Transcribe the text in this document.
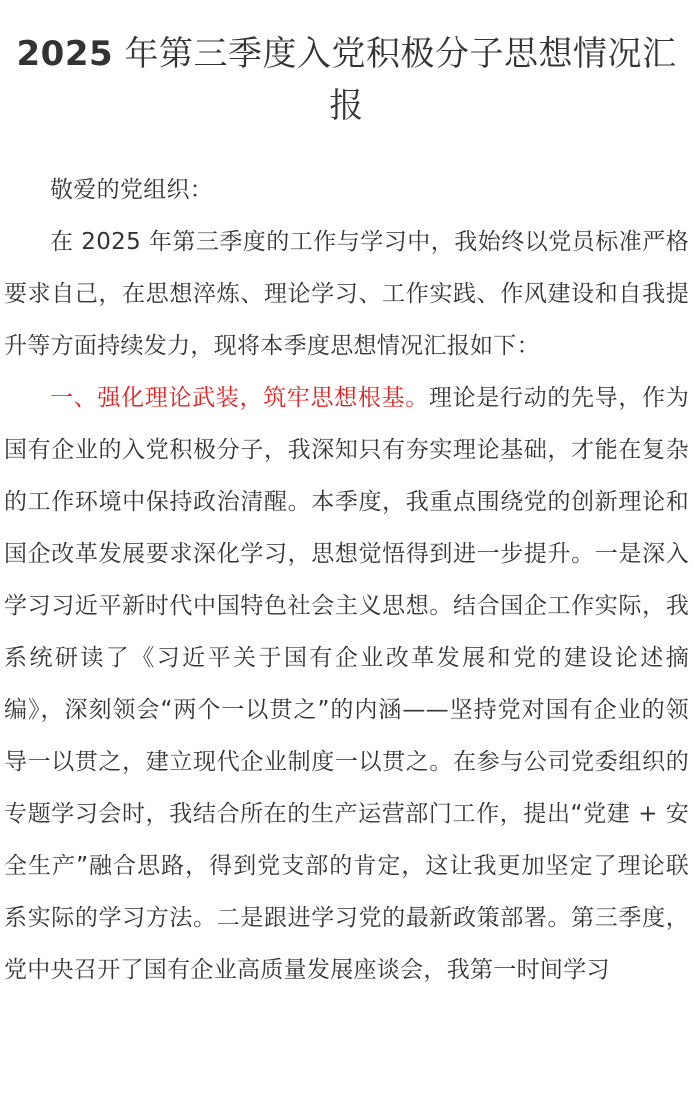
2025 年第三季度入党积极分子思想情况汇报

敬爱的党组织：

在 2025 年第三季度的工作与学习中，我始终以党员标准严格要求自己，在思想淬炼、理论学习、工作实践、作风建设和自我提升等方面持续发力，现将本季度思想情况汇报如下：

一、强化理论武装，筑牢思想根基。理论是行动的先导，作为国有企业的入党积极分子，我深知只有夯实理论基础，才能在复杂的工作环境中保持政治清醒。本季度，我重点围绕党的创新理论和国企改革发展要求深化学习，思想觉悟得到进一步提升。一是深入学习习近平新时代中国特色社会主义思想。结合国企工作实际，我系统研读了《习近平关于国有企业改革发展和党的建设论述摘编》，深刻领会“两个一以贯之”的内涵——坚持党对国有企业的领导一以贯之，建立现代企业制度一以贯之。在参与公司党委组织的专题学习会时，我结合所在的生产运营部门工作，提出“党建 + 安全生产”融合思路，得到党支部的肯定，这让我更加坚定了理论联系实际的学习方法。二是跟进学习党的最新政策部署。第三季度，党中央召开了国有企业高质量发展座谈会，我第一时间学习
